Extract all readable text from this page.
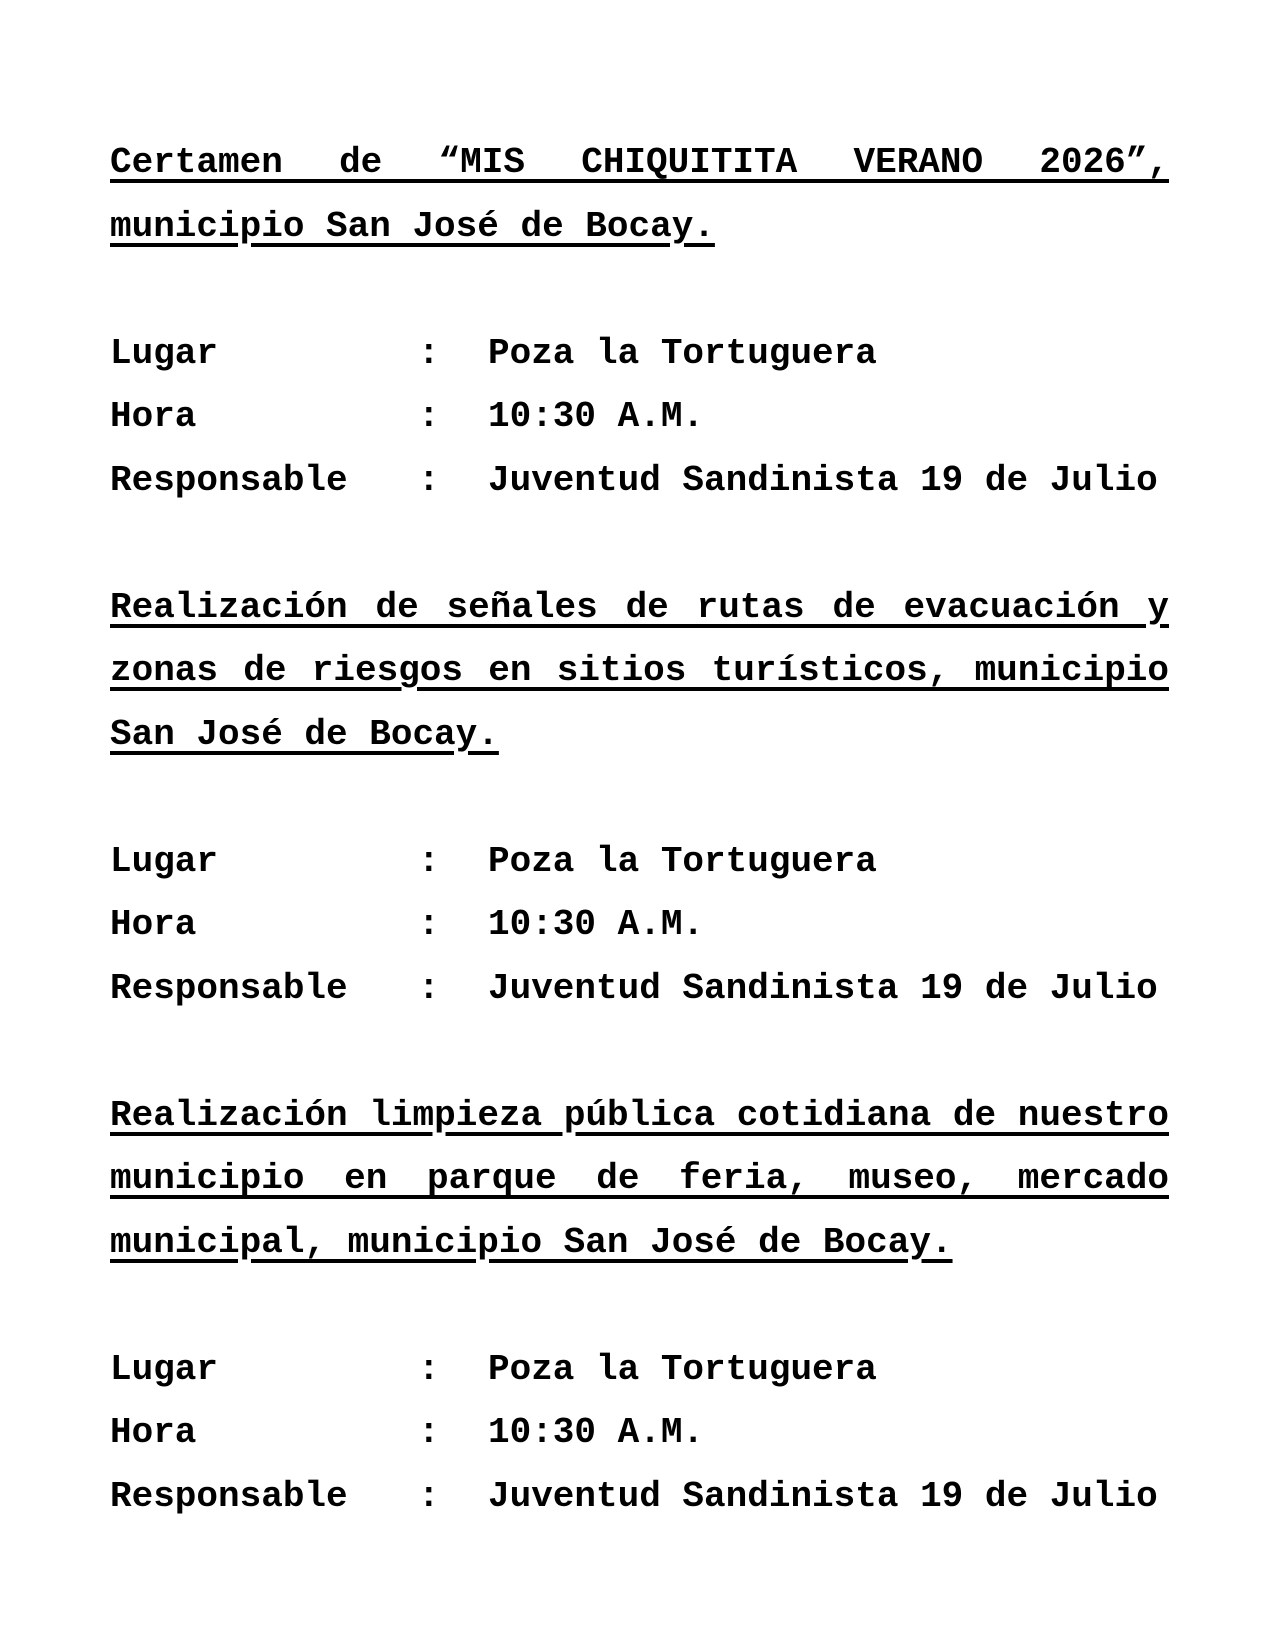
Certamen de “MIS CHIQUITITA VERANO 2026”,
municipio San José de Bocay.
Lugar	:	Poza la Tortuguera
Hora	:	10:30 A.M.
Responsable	:	Juventud Sandinista 19 de Julio
Realización de señales de rutas de evacuación y
zonas de riesgos en sitios turísticos, municipio
San José de Bocay.
Lugar	:	Poza la Tortuguera
Hora	:	10:30 A.M.
Responsable	:	Juventud Sandinista 19 de Julio
Realización limpieza pública cotidiana de nuestro
municipio en parque de feria, museo, mercado
municipal, municipio San José de Bocay.
Lugar	:	Poza la Tortuguera
Hora	:	10:30 A.M.
Responsable	:	Juventud Sandinista 19 de Julio
